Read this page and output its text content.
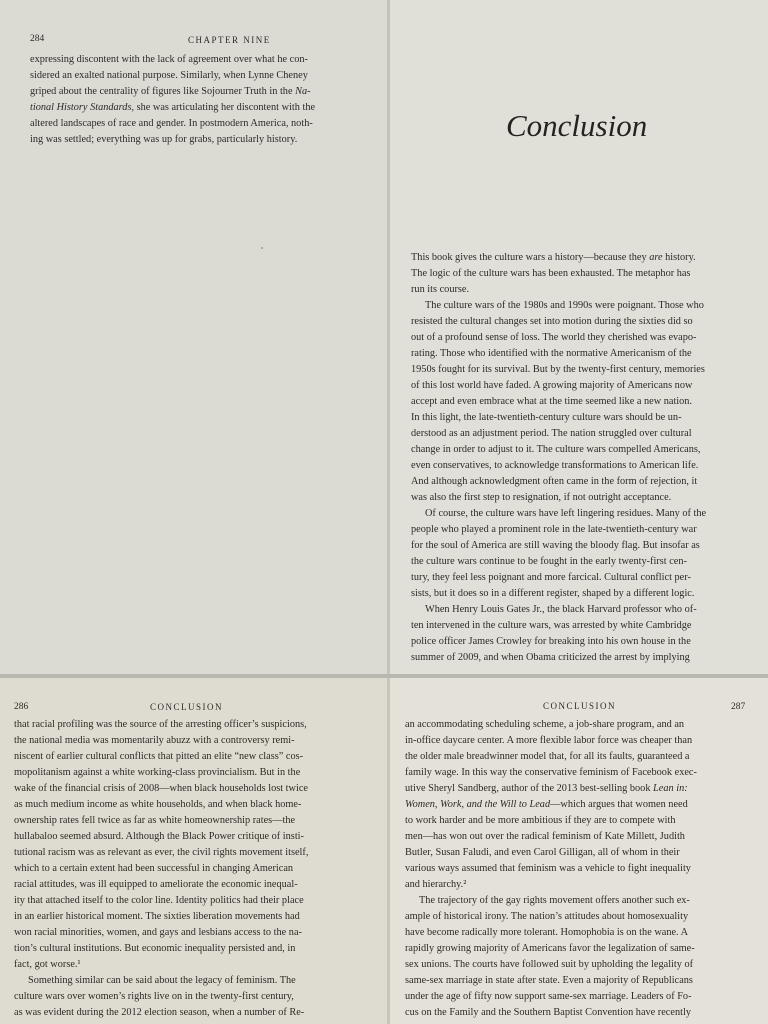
284	CHAPTER NINE
expressing discontent with the lack of agreement over what he con-
sidered an exalted national purpose. Similarly, when Lynne Cheney
griped about the centrality of figures like Sojourner Truth in the Na-
tional History Standards, she was articulating her discontent with the
altered landscapes of race and gender. In postmodern America, noth-
ing was settled; everything was up for grabs, particularly history.	Conclusion
This book gives the culture wars a history—because they are history.
The logic of the culture wars has been exhausted. The metaphor has
run its course.
The culture wars of the 1980s and 1990s were poignant. Those who
resisted the cultural changes set into motion during the sixties did so
out of a profound sense of loss. The world they cherished was evapo-
rating. Those who identified with the normative Americanism of the
1950s fought for its survival. But by the twenty-first century, memories
of this lost world have faded. A growing majority of Americans now
accept and even embrace what at the time seemed like a new nation.
In this light, the late-twentieth-century culture wars should be un-
derstood as an adjustment period. The nation struggled over cultural
change in order to adjust to it. The culture wars compelled Americans,
even conservatives, to acknowledge transformations to American life.
And although acknowledgment often came in the form of rejection, it
was also the first step to resignation, if not outright acceptance.
Of course, the culture wars have left lingering residues. Many of the
people who played a prominent role in the late-twentieth-century war
for the soul of America are still waving the bloody flag. But insofar as
the culture wars continue to be fought in the early twenty-first cen-
tury, they feel less poignant and more farcical. Cultural conflict per-
sists, but it does so in a different register, shaped by a different logic.
When Henry Louis Gates Jr., the black Harvard professor who of-
ten intervened in the culture wars, was arrested by white Cambridge
police officer James Crowley for breaking into his own house in the
summer of 2009, and when Obama criticized the arrest by implying
286	CONCLUSION
that racial profiling was the source of the arresting officer’s suspicions,
the national media was momentarily abuzz with a controversy remi-
niscent of earlier cultural conflicts that pitted an elite “new class” cos-
mopolitanism against a white working-class provincialism. But in the
wake of the financial crisis of 2008—when black households lost twice
as much medium income as white households, and when black home-
ownership rates fell twice as far as white homeownership rates—the
hullabaloo seemed absurd. Although the Black Power critique of insti-
tutional racism was as relevant as ever, the civil rights movement itself,
which to a certain extent had been successful in changing American
racial attitudes, was ill equipped to ameliorate the economic inequal-
ity that attached itself to the color line. Identity politics had their place
in an earlier historical moment. The sixties liberation movements had
won racial minorities, women, and gays and lesbians access to the na-
tion’s cultural institutions. But economic inequality persisted and, in
fact, got worse.¹
Something similar can be said about the legacy of feminism. The
culture wars over women’s rights live on in the twenty-first century,
as was evident during the 2012 election season, when a number of Re-
287
CONCLUSION
an accommodating scheduling scheme, a job-share program, and an
in-office daycare center. A more flexible labor force was cheaper than
the older male breadwinner model that, for all its faults, guaranteed a
family wage. In this way the conservative feminism of Facebook exec-
utive Sheryl Sandberg, author of the 2013 best-selling book Lean in:
Women, Work, and the Will to Lead—which argues that women need
to work harder and be more ambitious if they are to compete with
men—has won out over the radical feminism of Kate Millett, Judith
Butler, Susan Faludi, and even Carol Gilligan, all of whom in their
various ways assumed that feminism was a vehicle to fight inequality
and hierarchy.²
The trajectory of the gay rights movement offers another such ex-
ample of historical irony. The nation’s attitudes about homosexuality
have become radically more tolerant. Homophobia is on the wane. A
rapidly growing majority of Americans favor the legalization of same-
sex unions. The courts have followed suit by upholding the legality of
same-sex marriage in state after state. Even a majority of Republicans
under the age of fifty now support same-sex marriage. Leaders of Fo-
cus on the Family and the Southern Baptist Convention have recently
